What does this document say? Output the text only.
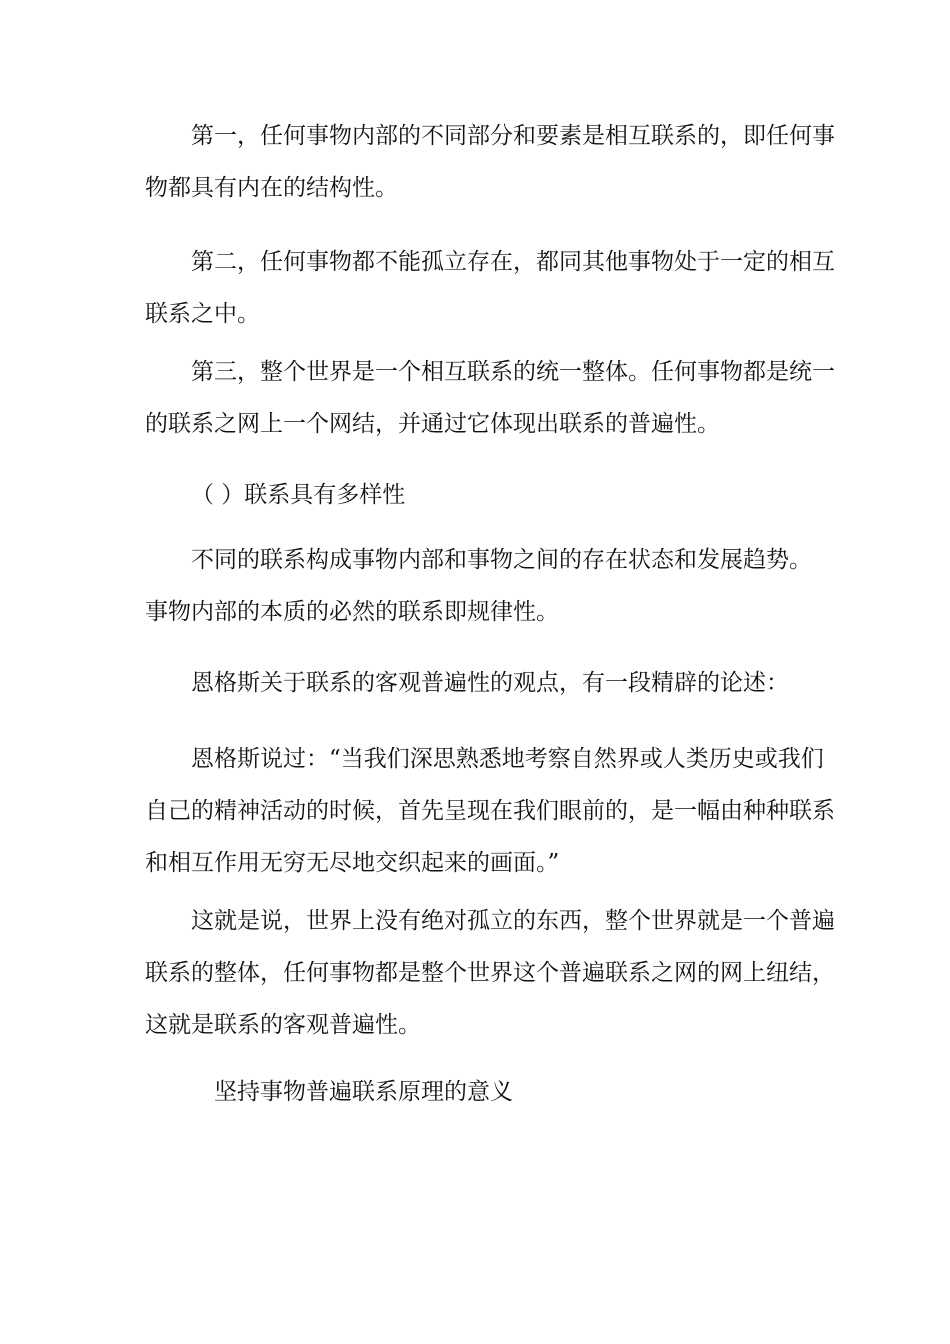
第一，任何事物内部的不同部分和要素是相互联系的，即任何事
物都具有内在的结构性。

第二，任何事物都不能孤立存在，都同其他事物处于一定的相互
联系之中。

第三，整个世界是一个相互联系的统一整体。任何事物都是统一
的联系之网上一个网结，并通过它体现出联系的普遍性。

（ ）联系具有多样性

不同的联系构成事物内部和事物之间的存在状态和发展趋势。
事物内部的本质的必然的联系即规律性。

恩格斯关于联系的客观普遍性的观点，有一段精辟的论述：

恩格斯说过：“当我们深思熟悉地考察自然界或人类历史或我们
自己的精神活动的时候，首先呈现在我们眼前的，是一幅由种种联系
和相互作用无穷无尽地交织起来的画面。”

这就是说，世界上没有绝对孤立的东西，整个世界就是一个普遍
联系的整体，任何事物都是整个世界这个普遍联系之网的网上纽结，
这就是联系的客观普遍性。

坚持事物普遍联系原理的意义
